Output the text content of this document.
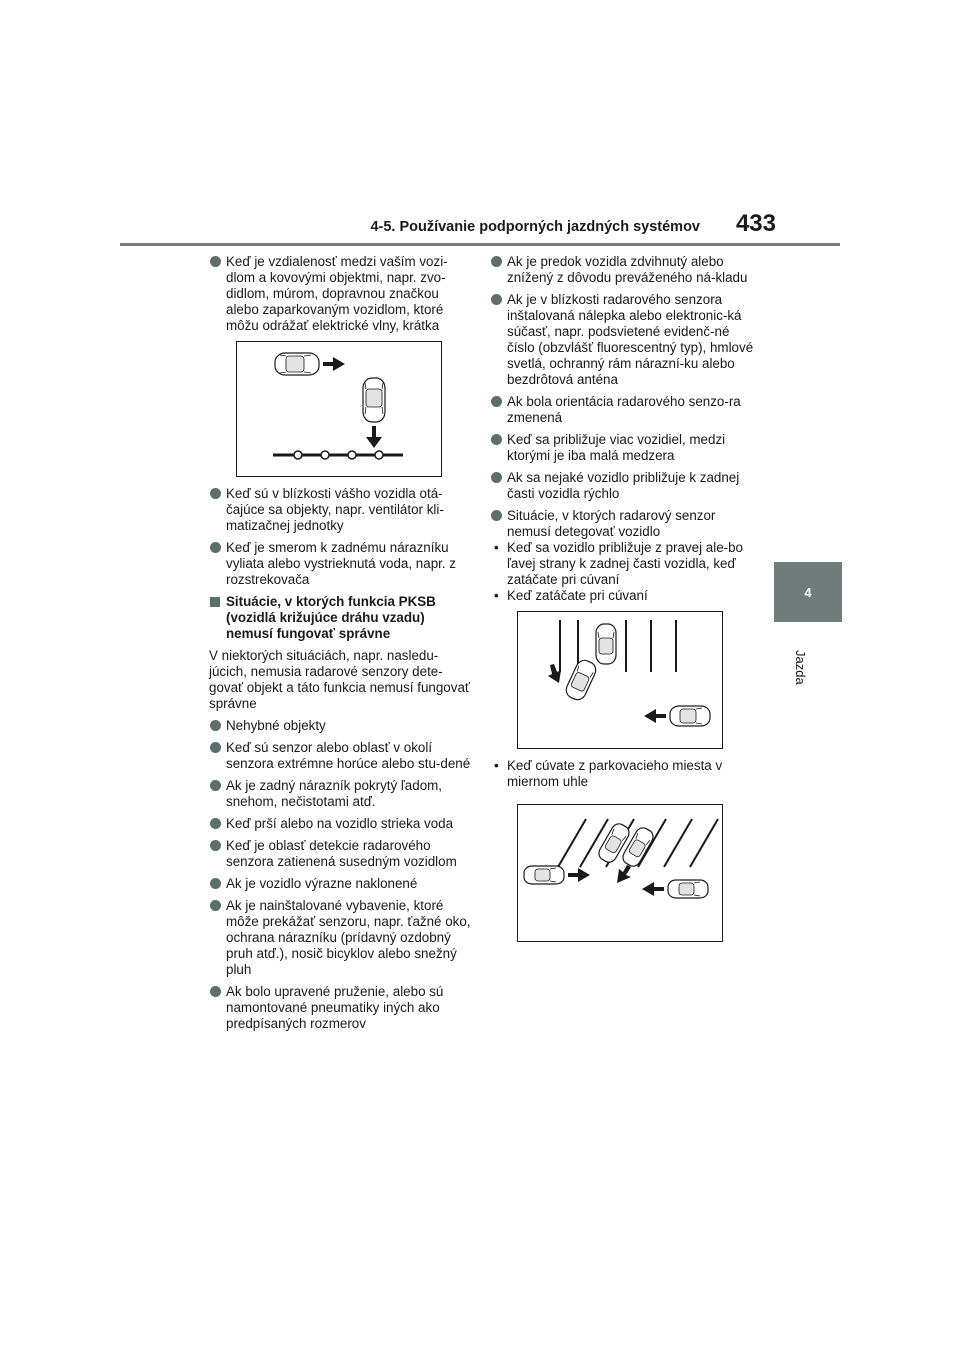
4-5. Používanie podporných jazdných systémov	433
4
Jazda
Keď je vzdialenosť medzi vaším vozi-dlom a kovovými objektmi, napr. zvo-didlom, múrom, dopravnou značkou alebo zaparkovaným vozidlom, ktoré môžu odrážať elektrické vlny, krátka
Keď sú v blízkosti vášho vozidla otá-čajúce sa objekty, napr. ventilátor kli-matizačnej jednotky
Keď je smerom k zadnému nárazníku vyliata alebo vystrieknutá voda, napr. z rozstrekovača
Situácie, v ktorých funkcia PKSB (vozidlá križujúce dráhu vzadu) nemusí fungovať správne
V niektorých situáciách, napr. nasledu-júcich, nemusia radarové senzory dete-govať objekt a táto funkcia nemusí fungovať správne
Nehybné objekty
Keď sú senzor alebo oblasť v okolí senzora extrémne horúce alebo stu-dené
Ak je zadný nárazník pokrytý ľadom, snehom, nečistotami atď.
Keď prší alebo na vozidlo strieka voda
Keď je oblasť detekcie radarového senzora zatienená susedným vozidlom
Ak je vozidlo výrazne naklonené
Ak je nainštalované vybavenie, ktoré môže prekážať senzoru, napr. ťažné oko, ochrana nárazníku (prídavný ozdobný pruh atď.), nosič bicyklov alebo snežný pluh
Ak bolo upravené pruženie, alebo sú namontované pneumatiky iných ako predpísaných rozmerov
Ak je predok vozidla zdvihnutý alebo znížený z dôvodu preváženého ná-kladu
Ak je v blízkosti radarového senzora inštalovaná nálepka alebo elektronic-ká súčasť, napr. podsvietené evidenč-né číslo (obzvlášť fluorescentný typ), hmlové svetlá, ochranný rám nárazní-ku alebo bezdrôtová anténa
Ak bola orientácia radarového senzo-ra zmenená
Keď sa približuje viac vozidiel, medzi ktorými je iba malá medzera
Ak sa nejaké vozidlo približuje k zadnej časti vozidla rýchlo
Situácie, v ktorých radarový senzor nemusí detegovať vozidlo
• Keď sa vozidlo približuje z pravej ale-bo ľavej strany k zadnej časti vozidla, keď zatáčate pri cúvaní
• Keď zatáčate pri cúvaní
• Keď cúvate z parkovacieho miesta v miernom uhle
